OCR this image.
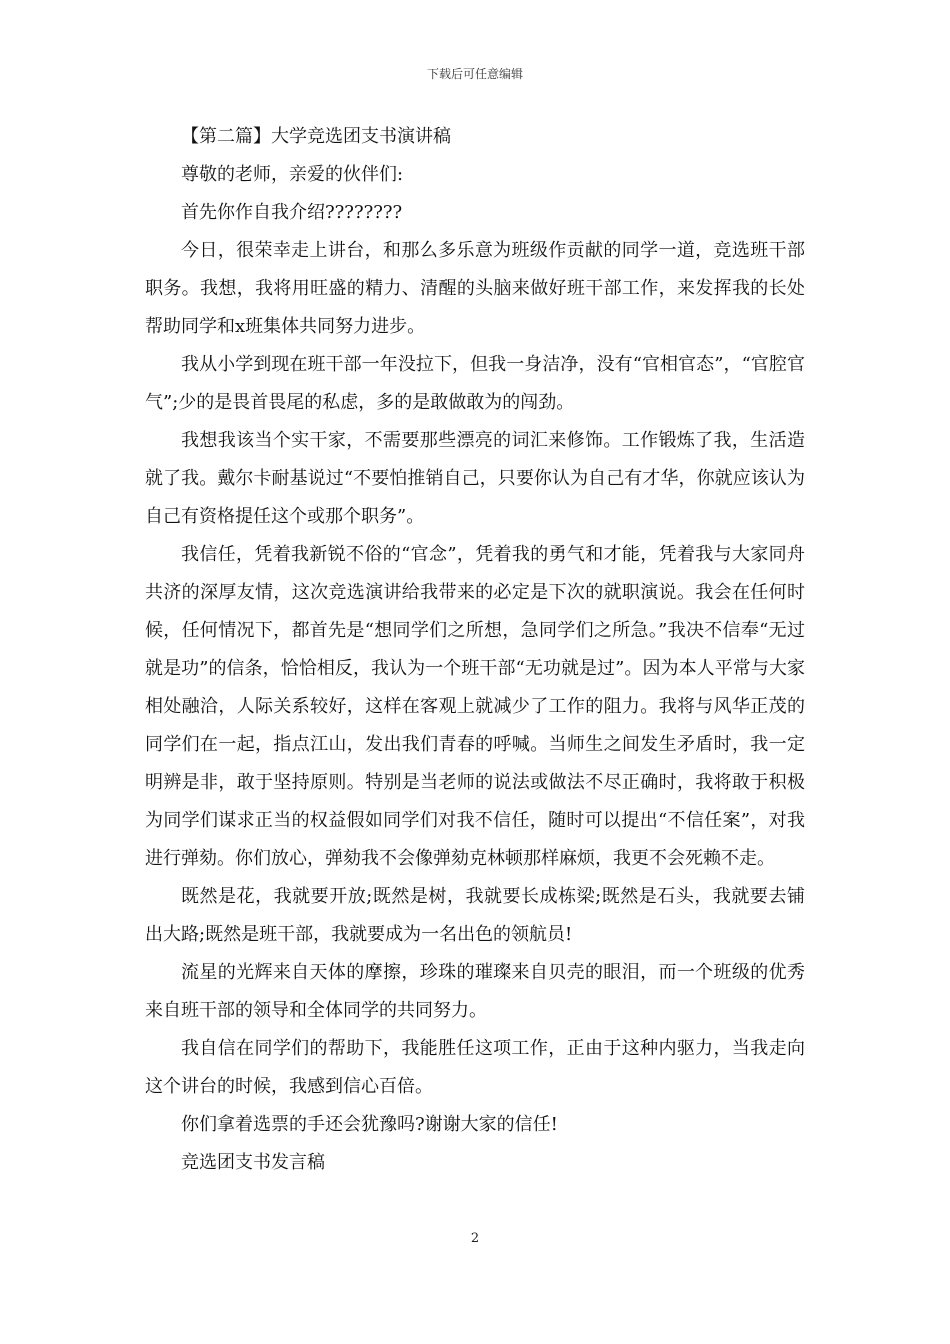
下载后可任意编辑

【第二篇】大学竞选团支书演讲稿

尊敬的老师，亲爱的伙伴们:

首先你作自我介绍????????

今日，很荣幸走上讲台，和那么多乐意为班级作贡献的同学一道，竞选班干部职务。我想，我将用旺盛的精力、清醒的头脑来做好班干部工作，来发挥我的长处帮助同学和x班集体共同努力进步。

我从小学到现在班干部一年没拉下，但我一身洁净，没有“官相官态”，“官腔官气”;少的是畏首畏尾的私虑，多的是敢做敢为的闯劲。

我想我该当个实干家，不需要那些漂亮的词汇来修饰。工作锻炼了我，生活造就了我。戴尔卡耐基说过“不要怕推销自己，只要你认为自己有才华，你就应该认为自己有资格提任这个或那个职务”。

我信任，凭着我新锐不俗的“官念”，凭着我的勇气和才能，凭着我与大家同舟共济的深厚友情，这次竞选演讲给我带来的必定是下次的就职演说。我会在任何时候，任何情况下，都首先是“想同学们之所想，急同学们之所急。”我决不信奉“无过就是功”的信条，恰恰相反，我认为一个班干部“无功就是过”。因为本人平常与大家相处融洽，人际关系较好，这样在客观上就减少了工作的阻力。我将与风华正茂的同学们在一起，指点江山，发出我们青春的呼喊。当师生之间发生矛盾时，我一定明辨是非，敢于坚持原则。特别是当老师的说法或做法不尽正确时，我将敢于积极为同学们谋求正当的权益假如同学们对我不信任，随时可以提出“不信任案”，对我进行弹劾。你们放心，弹劾我不会像弹劾克林顿那样麻烦，我更不会死赖不走。

既然是花，我就要开放;既然是树，我就要长成栋梁;既然是石头，我就要去铺出大路;既然是班干部，我就要成为一名出色的领航员!

流星的光辉来自天体的摩擦，珍珠的璀璨来自贝壳的眼泪，而一个班级的优秀来自班干部的领导和全体同学的共同努力。

我自信在同学们的帮助下，我能胜任这项工作，正由于这种内驱力，当我走向这个讲台的时候，我感到信心百倍。

你们拿着选票的手还会犹豫吗?谢谢大家的信任!

竞选团支书发言稿

2
